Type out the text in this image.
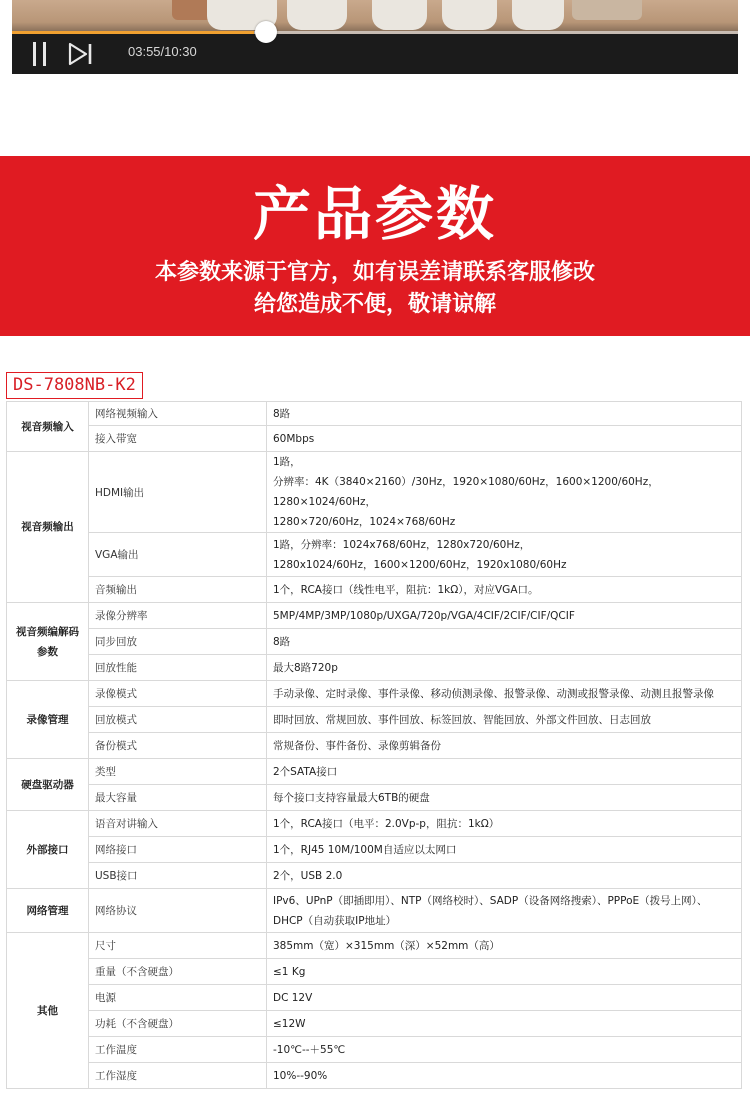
03:55/10:30
产品参数
本参数来源于官方，如有误差请联系客服修改
给您造成不便，敬请谅解
DS-7808NB-K2
视音频输入	网络视频输入	8路
	接入带宽	60Mbps
视音频输出	HDMI输出	1路，
分辨率：4K（3840×2160）/30Hz，1920×1080/60Hz，1600×1200/60Hz，1280×1024/60Hz，
1280×720/60Hz，1024×768/60Hz

	VGA输出	1路，分辨率：1024x768/60Hz，1280x720/60Hz，
1280x1024/60Hz，1600×1200/60Hz，1920x1080/60Hz

	音频输出	1个，RCA接口（线性电平，阻抗：1kΩ），对应VGA口。
视音频编解码参数	录像分辨率	5MP/4MP/3MP/1080p/UXGA/720p/VGA/4CIF/2CIF/CIF/QCIF
	同步回放	8路
	回放性能	最大8路720p
录像管理	录像模式	手动录像、定时录像、事件录像、移动侦测录像、报警录像、动测或报警录像、动测且报警录像
	回放模式	即时回放、常规回放、事件回放、标签回放、智能回放、外部文件回放、日志回放
	备份模式	常规备份、事件备份、录像剪辑备份
硬盘驱动器	类型	2个SATA接口
	最大容量	每个接口支持容量最大6TB的硬盘
外部接口	语音对讲输入	1个，RCA接口（电平：2.0Vp-p，阻抗：1kΩ）
	网络接口	1个，RJ45 10M/100M自适应以太网口
	USB接口	2个，USB 2.0
网络管理	网络协议	IPv6、UPnP（即插即用）、NTP（网络校时）、SADP（设备网络搜索）、PPPoE（拨号上网）、
DHCP（自动获取IP地址）

其他	尺寸	385mm（宽）×315mm（深）×52mm（高）
	重量（不含硬盘）	≤1 Kg
	电源	DC 12V
	功耗（不含硬盘）	≤12W
	工作温度	-10℃--＋55℃
	工作湿度	10%--90%
